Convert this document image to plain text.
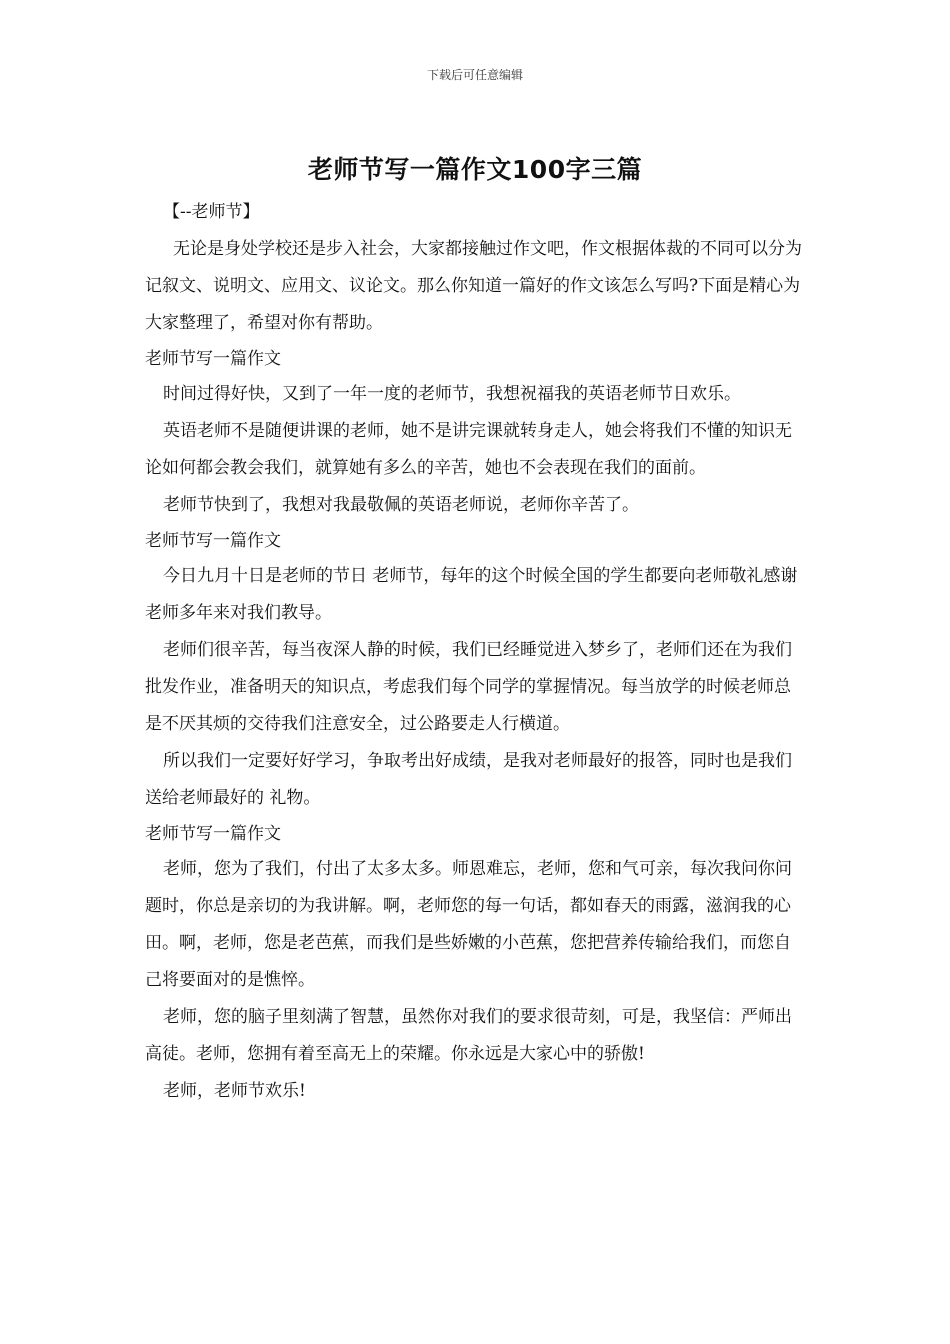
下载后可任意编辑
老师节写一篇作文100字三篇

【--老师节】

无论是身处学校还是步入社会，大家都接触过作文吧，作文根据体裁的不同可以分为记叙文、说明文、应用文、议论文。那么你知道一篇好的作文该怎么写吗?下面是精心为大家整理了，希望对你有帮助。

老师节写一篇作文

时间过得好快，又到了一年一度的老师节，我想祝福我的英语老师节日欢乐。

英语老师不是随便讲课的老师，她不是讲完课就转身走人，她会将我们不懂的知识无论如何都会教会我们，就算她有多么的辛苦，她也不会表现在我们的面前。

老师节快到了，我想对我最敬佩的英语老师说，老师你辛苦了。

老师节写一篇作文

今日九月十日是老师的节日 老师节，每年的这个时候全国的学生都要向老师敬礼感谢老师多年来对我们教导。

老师们很辛苦，每当夜深人静的时候，我们已经睡觉进入梦乡了，老师们还在为我们批发作业，准备明天的知识点，考虑我们每个同学的掌握情况。每当放学的时候老师总是不厌其烦的交待我们注意安全，过公路要走人行横道。

所以我们一定要好好学习，争取考出好成绩，是我对老师最好的报答，同时也是我们送给老师最好的 礼物。

老师节写一篇作文

老师，您为了我们，付出了太多太多。师恩难忘，老师，您和气可亲，每次我问你问题时，你总是亲切的为我讲解。啊，老师您的每一句话，都如春天的雨露，滋润我的心田。啊，老师，您是老芭蕉，而我们是些娇嫩的小芭蕉，您把营养传输给我们，而您自己将要面对的是憔悴。

老师，您的脑子里刻满了智慧，虽然你对我们的要求很苛刻，可是，我坚信：严师出高徒。老师，您拥有着至高无上的荣耀。你永远是大家心中的骄傲!

老师，老师节欢乐!
